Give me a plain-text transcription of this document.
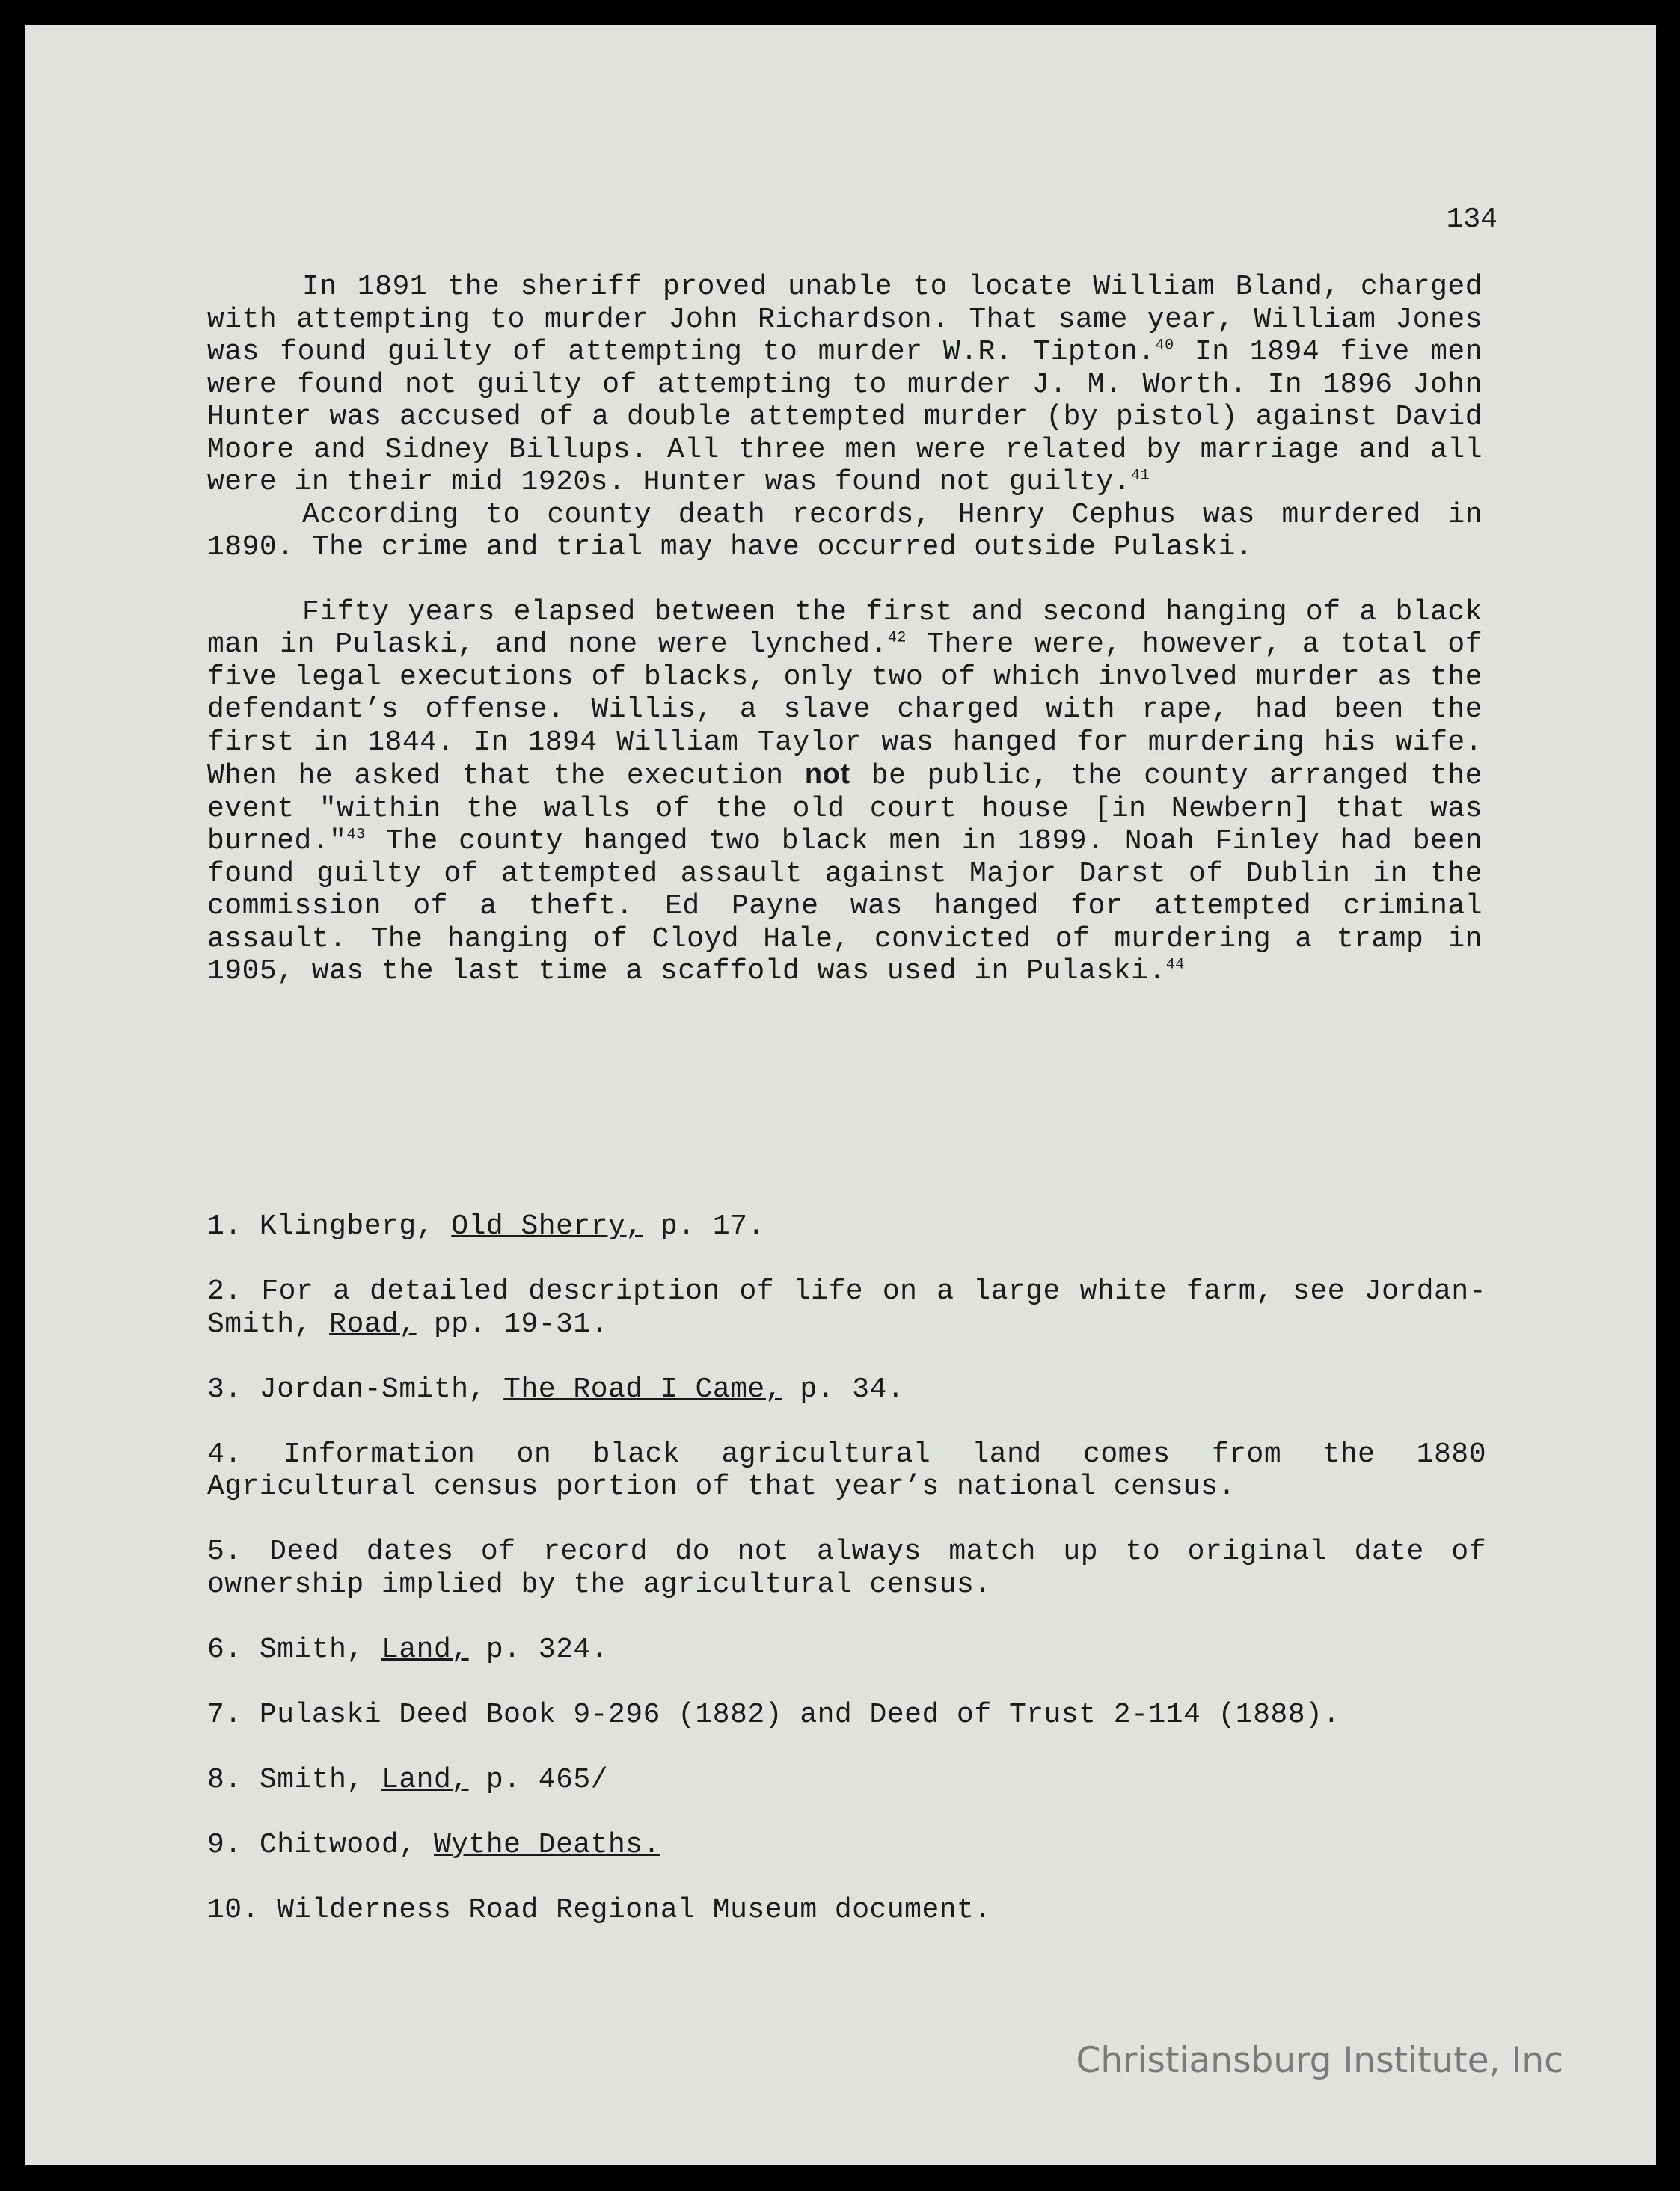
134

In 1891 the sheriff proved unable to locate William Bland, charged with attempting to murder John Richardson. That same year, William Jones was found guilty of attempting to murder W.R. Tipton.$^{40}$ In 1894 five men were found not guilty of attempting to murder J. M. Worth. In 1896 John Hunter was accused of a double attempted murder (by pistol) against David Moore and Sidney Billups. All three men were related by marriage and all were in their mid 1920s. Hunter was found not guilty.$^{41}$

According to county death records, Henry Cephus was murdered in 1890. The crime and trial may have occurred outside Pulaski.

Fifty years elapsed between the first and second hanging of a black man in Pulaski, and none were lynched.$^{42}$ There were, however, a total of five legal executions of blacks, only two of which involved murder as the defendant’s offense. Willis, a slave charged with rape, had been the first in 1844. In 1894 William Taylor was hanged for murdering his wife. When he asked that the execution not be public, the county arranged the event "within the walls of the old court house [in Newbern] that was burned."$^{43}$ The county hanged two black men in 1899. Noah Finley had been found guilty of attempted assault against Major Darst of Dublin in the commission of a theft. Ed Payne was hanged for attempted criminal assault. The hanging of Cloyd Hale, convicted of murdering a tramp in 1905, was the last time a scaffold was used in Pulaski.$^{44}$

1. Klingberg, Old Sherry, p. 17.

2. For a detailed description of life on a large white farm, see Jordan-Smith, Road, pp. 19-31.

3. Jordan-Smith, The Road I Came, p. 34.

4. Information on black agricultural land comes from the 1880 Agricultural census portion of that year’s national census.

5. Deed dates of record do not always match up to original date of ownership implied by the agricultural census.

6. Smith, Land, p. 324.

7. Pulaski Deed Book 9-296 (1882) and Deed of Trust 2-114 (1888).

8. Smith, Land, p. 465/

9. Chitwood, Wythe Deaths.

10. Wilderness Road Regional Museum document.

Christiansburg Institute, Inc
